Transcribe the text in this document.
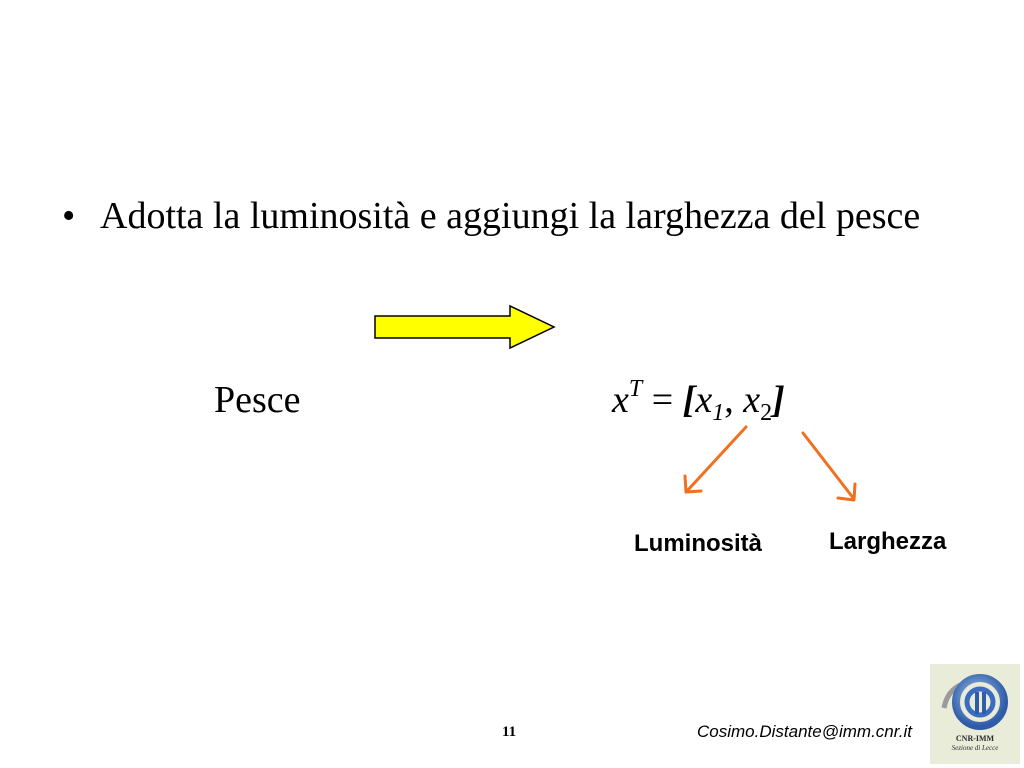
• Adotta la luminosità e aggiungi la larghezza del pesce
Pesce	$x^T = [x_1$, $x_2$]
Luminosità	Larghezza
11	Cosimo.Distante@imm.cnr.it	CNR-IMM
Sezione di Lecce
